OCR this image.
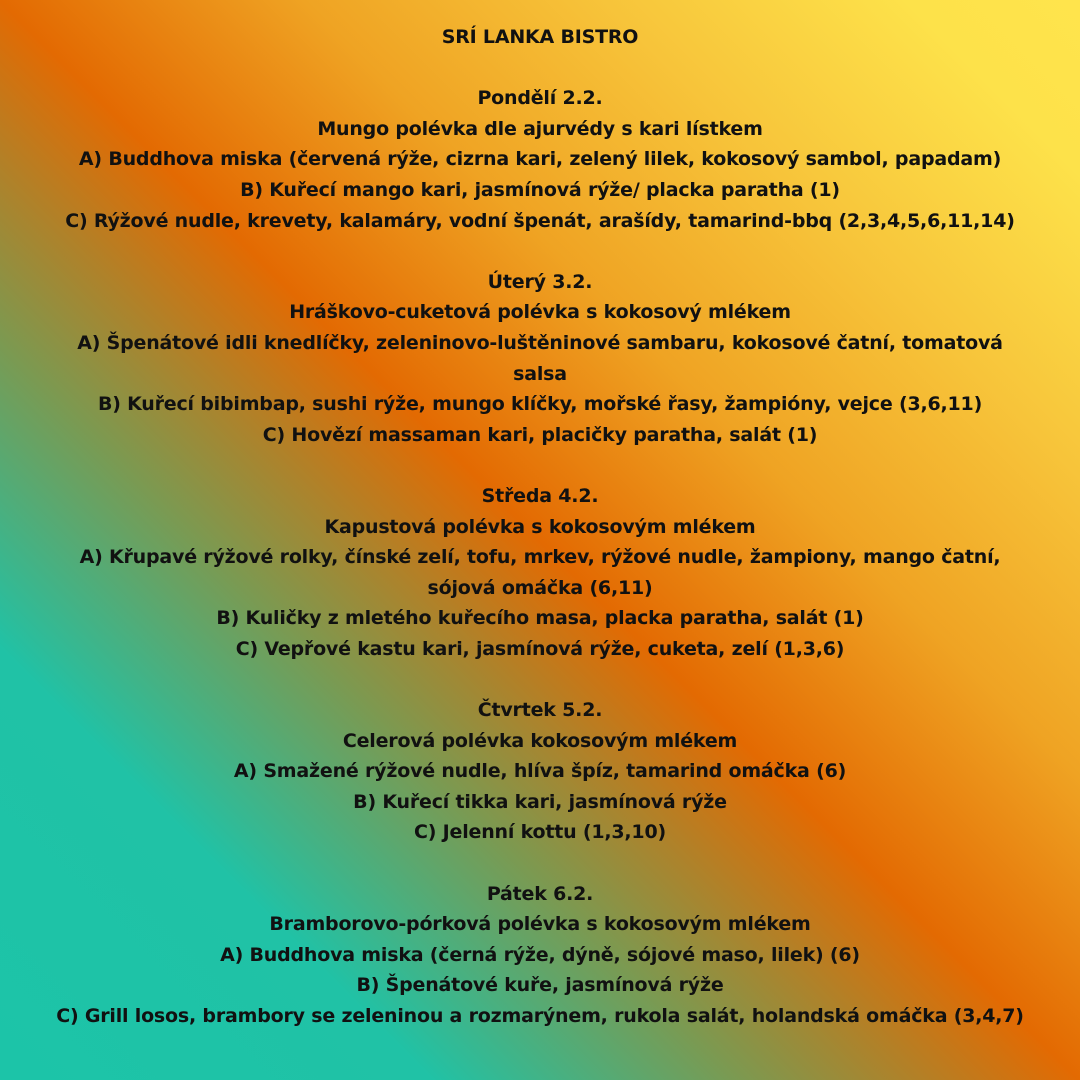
SRÍ LANKA BISTRO
Pondělí 2.2.
Mungo polévka dle ajurvédy s kari lístkem
A) Buddhova miska (červená rýže, cizrna kari, zelený lilek, kokosový sambol, papadam)
B) Kuřecí mango kari, jasmínová rýže/ placka paratha (1)
C) Rýžové nudle, krevety, kalamáry, vodní špenát, arašídy, tamarind-bbq (2,3,4,5,6,11,14)
Úterý 3.2.
Hráškovo-cuketová polévka s kokosový mlékem
A) Špenátové idli knedlíčky, zeleninovo-luštěninové sambaru, kokosové čatní, tomatová salsa
B) Kuřecí bibimbap, sushi rýže, mungo klíčky, mořské řasy, žampióny, vejce (3,6,11)
C) Hovězí massaman kari, placičky paratha, salát (1)
Středa 4.2.
Kapustová polévka s kokosovým mlékem
A) Křupavé rýžové rolky, čínské zelí, tofu, mrkev, rýžové nudle, žampiony, mango čatní, sójová omáčka (6,11)
B) Kuličky z mletého kuřecího masa, placka paratha, salát (1)
C) Vepřové kastu kari, jasmínová rýže, cuketa, zelí (1,3,6)
Čtvrtek 5.2.
Celerová polévka kokosovým mlékem
A) Smažené rýžové nudle, hlíva špíz, tamarind omáčka (6)
B) Kuřecí tikka kari, jasmínová rýže
C) Jelenní kottu (1,3,10)
Pátek 6.2.
Bramborovo-pórková polévka s kokosovým mlékem
A) Buddhova miska (černá rýže, dýně, sójové maso, lilek) (6)
B) Špenátové kuře, jasmínová rýže
C) Grill losos, brambory se zeleninou a rozmarýnem, rukola salát, holandská omáčka (3,4,7)
